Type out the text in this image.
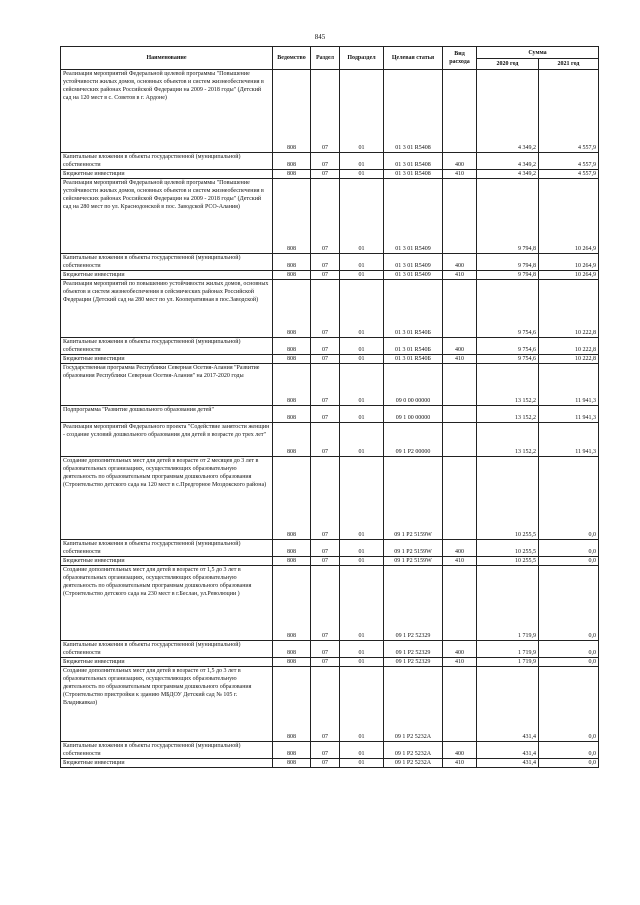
845
Наименование	Ведомство	Раздел	Подраздел	Целевая статья	Вид расхода	Сумма	
						2020 год	2021 год
Реализация мероприятий Федеральной целевой программы "Повышение устойчивости жилых домов, основных объектов и систем жизнеобеспечения в сейсмических районах Российской Федерации на 2009 - 2018 годы" (Детский сад на 120 мест в с. Советов в г. Ардоне)	808	07	01	01 3 01 R5408		4 349,2	4 557,9
Капитальные вложения в объекты государственной (муниципальной) собственности	808	07	01	01 3 01 R5408	400	4 349,2	4 557,9
Бюджетные инвестиции	808	07	01	01 3 01 R5408	410	4 349,2	4 557,9
Реализация мероприятий Федеральной целевой программы "Повышение устойчивости жилых домов, основных объектов и систем жизнеобеспечения в сейсмических районах Российской Федерации на 2009 - 2018 годы" (Детский сад на 280 мест по ул. Краснодонской в пос. Заводской РСО-Алания)	808	07	01	01 3 01 R5409		9 794,8	10 264,9
Капитальные вложения в объекты государственной (муниципальной) собственности	808	07	01	01 3 01 R5409	400	9 794,8	10 264,9
Бюджетные инвестиции	808	07	01	01 3 01 R5409	410	9 794,8	10 264,9
Реализация мероприятий по повышению устойчивости жилых домов, основных объектов и систем жизнеобеспечения в сейсмических районах Российской Федерации (Детский сад на 280 мест по ул. Кооперативная в пос.Заводской)	808	07	01	01 3 01 R540Б		9 754,6	10 222,8
Капитальные вложения в объекты государственной (муниципальной) собственности	808	07	01	01 3 01 R540Б	400	9 754,6	10 222,8
Бюджетные инвестиции	808	07	01	01 3 01 R540Б	410	9 754,6	10 222,8
Государственная программа Республики Северная Осетия-Алания "Развитие образования Республики Северная Осетия-Алания" на 2017-2020 годы	808	07	01	09 0 00 00000		13 152,2	11 941,3
Подпрограмма "Развитие дошкольного образования детей"	808	07	01	09 1 00 00000		13 152,2	11 941,3
Реализация мероприятий Федерального проекта "Содействие занятости женщин - создание условий дошкольного образования для детей в возрасте до трех лет"	808	07	01	09 1 P2 00000		13 152,2	11 941,3
Создание дополнительных мест для детей в возрасте от 2 месяцев до 3 лет в образовательных организациях, осуществляющих образовательную деятельность по образовательным программам дошкольного образования (Строительство детского сада на 120 мест в с.Предгорное Моздокского района)	808	07	01	09 1 P2 5159W		10 255,5	0,0
Капитальные вложения в объекты государственной (муниципальной) собственности	808	07	01	09 1 P2 5159W	400	10 255,5	0,0
Бюджетные инвестиции	808	07	01	09 1 P2 5159W	410	10 255,5	0,0
Создание дополнительных мест для детей в возрасте от 1,5 до 3 лет в образовательных организациях, осуществляющих образовательную деятельность по образовательным программам дошкольного образования (Строительство детского сада на 230 мест в г.Беслан, ул.Революции )	808	07	01	09 1 P2 52329		1 719,9	0,0
Капитальные вложения в объекты государственной (муниципальной) собственности	808	07	01	09 1 P2 52329	400	1 719,9	0,0
Бюджетные инвестиции	808	07	01	09 1 P2 52329	410	1 719,9	0,0
Создание дополнительных мест для детей в возрасте от 1,5 до 3 лет в образовательных организациях, осуществляющих образовательную деятельность по образовательным программам дошкольного образования (Строительство пристройки к зданию МБДОУ Детский сад № 105 г. Владикавказ)	808	07	01	09 1 P2 5232А		431,4	0,0
Капитальные вложения в объекты государственной (муниципальной) собственности	808	07	01	09 1 P2 5232А	400	431,4	0,0
Бюджетные инвестиции	808	07	01	09 1 P2 5232А	410	431,4	0,0
